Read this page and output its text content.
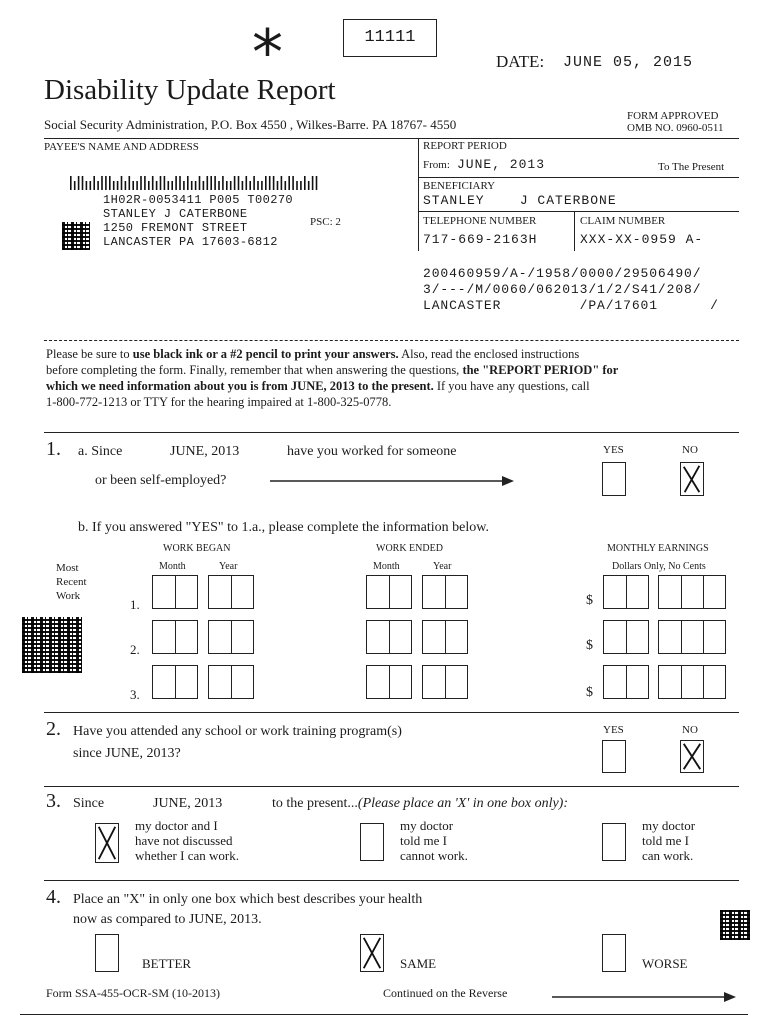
*	11111
DATE: JUNE 05, 2015
Disability Update Report
Social Security Administration, P.O. Box 4550 , Wilkes-Barre. PA 18767- 4550
FORM APPROVED
OMB NO. 0960-0511
PAYEE'S NAME AND ADDRESS
1H02R-0053411 P005 T00270
STANLEY J CATERBONE
1250 FREMONT STREET
LANCASTER PA 17603-6812
PSC: 2
REPORT PERIOD
From: JUNE, 2013	To The Present
BENEFICIARY
STANLEY    J CATERBONE
TELEPHONE NUMBER
717-669-2163H
CLAIM NUMBER
XXX-XX-0959 A-
200460959/A-/1958/0000/29506490/
3/---/M/0060/062013/1/2/S41/208/
LANCASTER         /PA/17601      /
Please be sure to use black ink or a #2 pencil to print your answers. Also, read the enclosed instructions
before completing the form. Finally, remember that when answering the questions, the "REPORT PERIOD" for
which we need information about you is from JUNE, 2013 to the present. If you have any questions, call
1-800-772-1213 or TTY for the hearing impaired at 1-800-325-0778.
1. a. Since	JUNE, 2013	have you worked for someone
or been self-employed?
YES	NO
b. If you answered "YES" to 1.a., please complete the information below.
WORK BEGAN	WORK ENDED	MONTHLY EARNINGS
Month	Year	Month	Year	Dollars Only, No Cents
Most
Recent
Work
1.	$
2.	$
3.	$
2. Have you attended any school or work training program(s)
since JUNE, 2013?
YES	NO
3. Since	JUNE, 2013	to the present...(Please place an 'X' in one box only):
my doctor and I
have not discussed
whether I can work.
my doctor
told me I
cannot work.
my doctor
told me I
can work.
4. Place an "X" in only one box which best describes your health
now as compared to JUNE, 2013.
BETTER	SAME	WORSE
Form SSA-455-OCR-SM (10-2013)	Continued on the Reverse
